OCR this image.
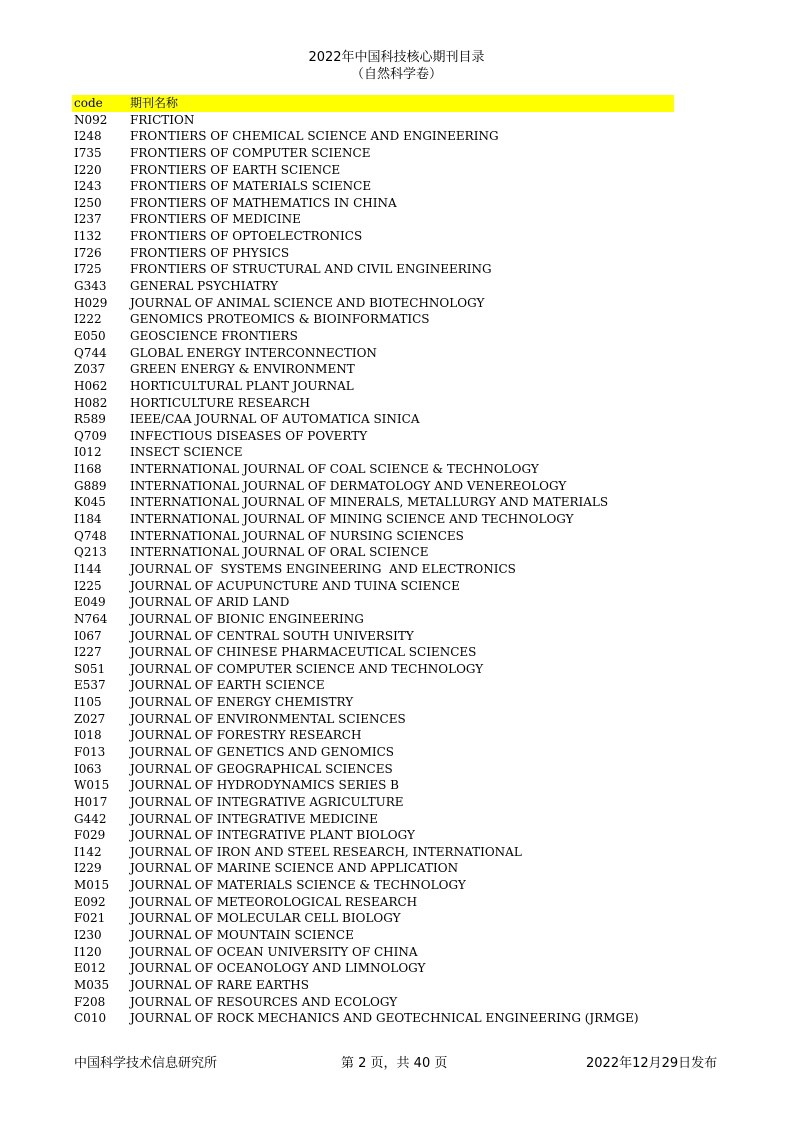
2022年中国科技核心期刊目录
（自然科学卷）

code

期刊名称

N092 FRICTION
I248 FRONTIERS OF CHEMICAL SCIENCE AND ENGINEERING
I735 FRONTIERS OF COMPUTER SCIENCE
I220 FRONTIERS OF EARTH SCIENCE
I243 FRONTIERS OF MATERIALS SCIENCE
I250 FRONTIERS OF MATHEMATICS IN CHINA
I237 FRONTIERS OF MEDICINE
I132 FRONTIERS OF OPTOELECTRONICS
I726 FRONTIERS OF PHYSICS
I725 FRONTIERS OF STRUCTURAL AND CIVIL ENGINEERING
G343 GENERAL PSYCHIATRY
H029 JOURNAL OF ANIMAL SCIENCE AND BIOTECHNOLOGY
I222 GENOMICS PROTEOMICS & BIOINFORMATICS
E050 GEOSCIENCE FRONTIERS
Q744 GLOBAL ENERGY INTERCONNECTION
Z037 GREEN ENERGY & ENVIRONMENT
H062 HORTICULTURAL PLANT JOURNAL
H082 HORTICULTURE RESEARCH
R589 IEEE/CAA JOURNAL OF AUTOMATICA SINICA
Q709 INFECTIOUS DISEASES OF POVERTY
I012 INSECT SCIENCE
I168 INTERNATIONAL JOURNAL OF COAL SCIENCE & TECHNOLOGY
G889 INTERNATIONAL JOURNAL OF DERMATOLOGY AND VENEREOLOGY
K045 INTERNATIONAL JOURNAL OF MINERALS, METALLURGY AND MATERIALS
I184 INTERNATIONAL JOURNAL OF MINING SCIENCE AND TECHNOLOGY
Q748 INTERNATIONAL JOURNAL OF NURSING SCIENCES
Q213 INTERNATIONAL JOURNAL OF ORAL SCIENCE
I144 JOURNAL OF  SYSTEMS ENGINEERING  AND ELECTRONICS
I225 JOURNAL OF ACUPUNCTURE AND TUINA SCIENCE
E049 JOURNAL OF ARID LAND
N764 JOURNAL OF BIONIC ENGINEERING
I067 JOURNAL OF CENTRAL SOUTH UNIVERSITY
I227 JOURNAL OF CHINESE PHARMACEUTICAL SCIENCES
S051 JOURNAL OF COMPUTER SCIENCE AND TECHNOLOGY
E537 JOURNAL OF EARTH SCIENCE
I105 JOURNAL OF ENERGY CHEMISTRY
Z027 JOURNAL OF ENVIRONMENTAL SCIENCES
I018 JOURNAL OF FORESTRY RESEARCH
F013 JOURNAL OF GENETICS AND GENOMICS
I063 JOURNAL OF GEOGRAPHICAL SCIENCES
W015 JOURNAL OF HYDRODYNAMICS SERIES B
H017 JOURNAL OF INTEGRATIVE AGRICULTURE
G442 JOURNAL OF INTEGRATIVE MEDICINE
F029 JOURNAL OF INTEGRATIVE PLANT BIOLOGY
I142 JOURNAL OF IRON AND STEEL RESEARCH, INTERNATIONAL
I229 JOURNAL OF MARINE SCIENCE AND APPLICATION
M015 JOURNAL OF MATERIALS SCIENCE & TECHNOLOGY
E092 JOURNAL OF METEOROLOGICAL RESEARCH
F021 JOURNAL OF MOLECULAR CELL BIOLOGY
I230 JOURNAL OF MOUNTAIN SCIENCE
I120 JOURNAL OF OCEAN UNIVERSITY OF CHINA
E012 JOURNAL OF OCEANOLOGY AND LIMNOLOGY
M035 JOURNAL OF RARE EARTHS
F208 JOURNAL OF RESOURCES AND ECOLOGY
C010 JOURNAL OF ROCK MECHANICS AND GEOTECHNICAL ENGINEERING (JRMGE)
中国科学技术信息研究所	第 2 页，共 40 页	2022年12月29日发布
